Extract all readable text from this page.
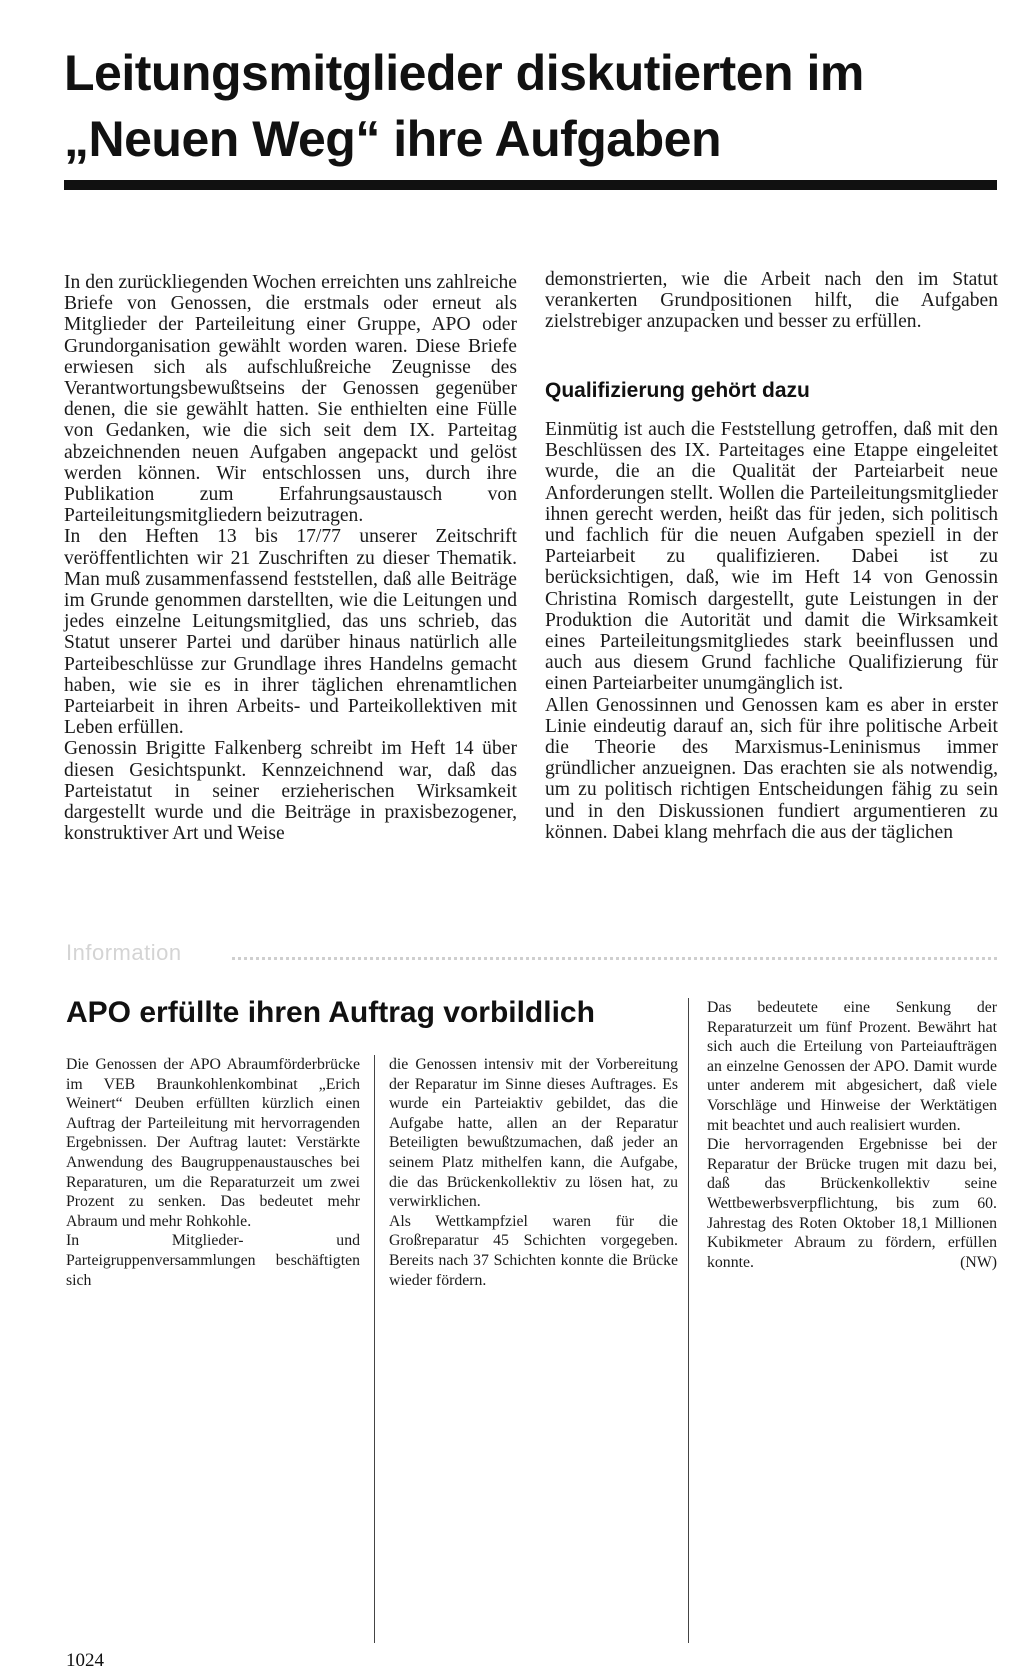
Leitungsmitglieder diskutierten im „Neuen Weg“ ihre Aufgaben

In den zurückliegenden Wochen erreichten uns zahlreiche Briefe von Genossen, die erstmals oder erneut als Mitglieder der Parteileitung einer Gruppe, APO oder Grundorganisation gewählt worden waren. Diese Briefe erwiesen sich als aufschlußreiche Zeugnisse des Verantwortungsbewußtseins der Genossen gegenüber denen, die sie gewählt hatten. Sie enthielten eine Fülle von Gedanken, wie die sich seit dem IX. Parteitag abzeichnenden neuen Aufgaben angepackt und gelöst werden können. Wir entschlossen uns, durch ihre Publikation zum Erfahrungsaustausch von Parteileitungsmitgliedern beizutragen.

In den Heften 13 bis 17/77 unserer Zeitschrift veröffentlichten wir 21 Zuschriften zu dieser Thematik. Man muß zusammenfassend feststellen, daß alle Beiträge im Grunde genommen darstellten, wie die Leitungen und jedes einzelne Leitungsmitglied, das uns schrieb, das Statut unserer Partei und darüber hinaus natürlich alle Parteibeschlüsse zur Grundlage ihres Handelns gemacht haben, wie sie es in ihrer täglichen ehrenamtlichen Parteiarbeit in ihren Arbeits- und Parteikollektiven mit Leben erfüllen.

Genossin Brigitte Falkenberg schreibt im Heft 14 über diesen Gesichtspunkt. Kennzeichnend war, daß das Parteistatut in seiner erzieherischen Wirksamkeit dargestellt wurde und die Beiträge in praxisbezogener, konstruktiver Art und Weise

demonstrierten, wie die Arbeit nach den im Statut verankerten Grundpositionen hilft, die Aufgaben zielstrebiger anzupacken und besser zu erfüllen.

Qualifizierung gehört dazu

Einmütig ist auch die Feststellung getroffen, daß mit den Beschlüssen des IX. Parteitages eine Etappe eingeleitet wurde, die an die Qualität der Parteiarbeit neue Anforderungen stellt. Wollen die Parteileitungsmitglieder ihnen gerecht werden, heißt das für jeden, sich politisch und fachlich für die neuen Aufgaben speziell in der Parteiarbeit zu qualifizieren. Dabei ist zu berücksichtigen, daß, wie im Heft 14 von Genossin Christina Romisch dargestellt, gute Leistungen in der Produktion die Autorität und damit die Wirksamkeit eines Parteileitungsmitgliedes stark beeinflussen und auch aus diesem Grund fachliche Qualifizierung für einen Parteiarbeiter unumgänglich ist.

Allen Genossinnen und Genossen kam es aber in erster Linie eindeutig darauf an, sich für ihre politische Arbeit die Theorie des Marxismus-Leninismus immer gründlicher anzueignen. Das erachten sie als notwendig, um zu politisch richtigen Entscheidungen fähig zu sein und in den Diskussionen fundiert argumentieren zu können. Dabei klang mehrfach die aus der täglichen

Information
APO erfüllte ihren Auftrag vorbildlich

Die Genossen der APO Abraumförderbrücke im VEB Braunkohlenkombinat „Erich Weinert“ Deuben erfüllten kürzlich einen Auftrag der Parteileitung mit hervorragenden Ergebnissen. Der Auftrag lautet: Verstärkte Anwendung des Baugruppenaustausches bei Reparaturen, um die Reparaturzeit um zwei Prozent zu senken. Das bedeutet mehr Abraum und mehr Rohkohle.

In Mitglieder- und Parteigruppenversammlungen beschäftigten sich

die Genossen intensiv mit der Vorbereitung der Reparatur im Sinne dieses Auftrages. Es wurde ein Parteiaktiv gebildet, das die Aufgabe hatte, allen an der Reparatur Beteiligten bewußtzumachen, daß jeder an seinem Platz mithelfen kann, die Aufgabe, die das Brückenkollektiv zu lösen hat, zu verwirklichen.

Als Wettkampfziel waren für die Großreparatur 45 Schichten vorgegeben. Bereits nach 37 Schichten konnte die Brücke wieder fördern.

Das bedeutete eine Senkung der Reparaturzeit um fünf Prozent. Bewährt hat sich auch die Erteilung von Parteiaufträgen an einzelne Genossen der APO. Damit wurde unter anderem mit abgesichert, daß viele Vorschläge und Hinweise der Werktätigen mit beachtet und auch realisiert wurden.

Die hervorragenden Ergebnisse bei der Reparatur der Brücke trugen mit dazu bei, daß das Brückenkollektiv seine Wettbewerbsverpflichtung, bis zum 60. Jahrestag des Roten Oktober 18,1 Millionen Kubikmeter Abraum zu fördern, erfüllen konnte.	(NW)

1024
